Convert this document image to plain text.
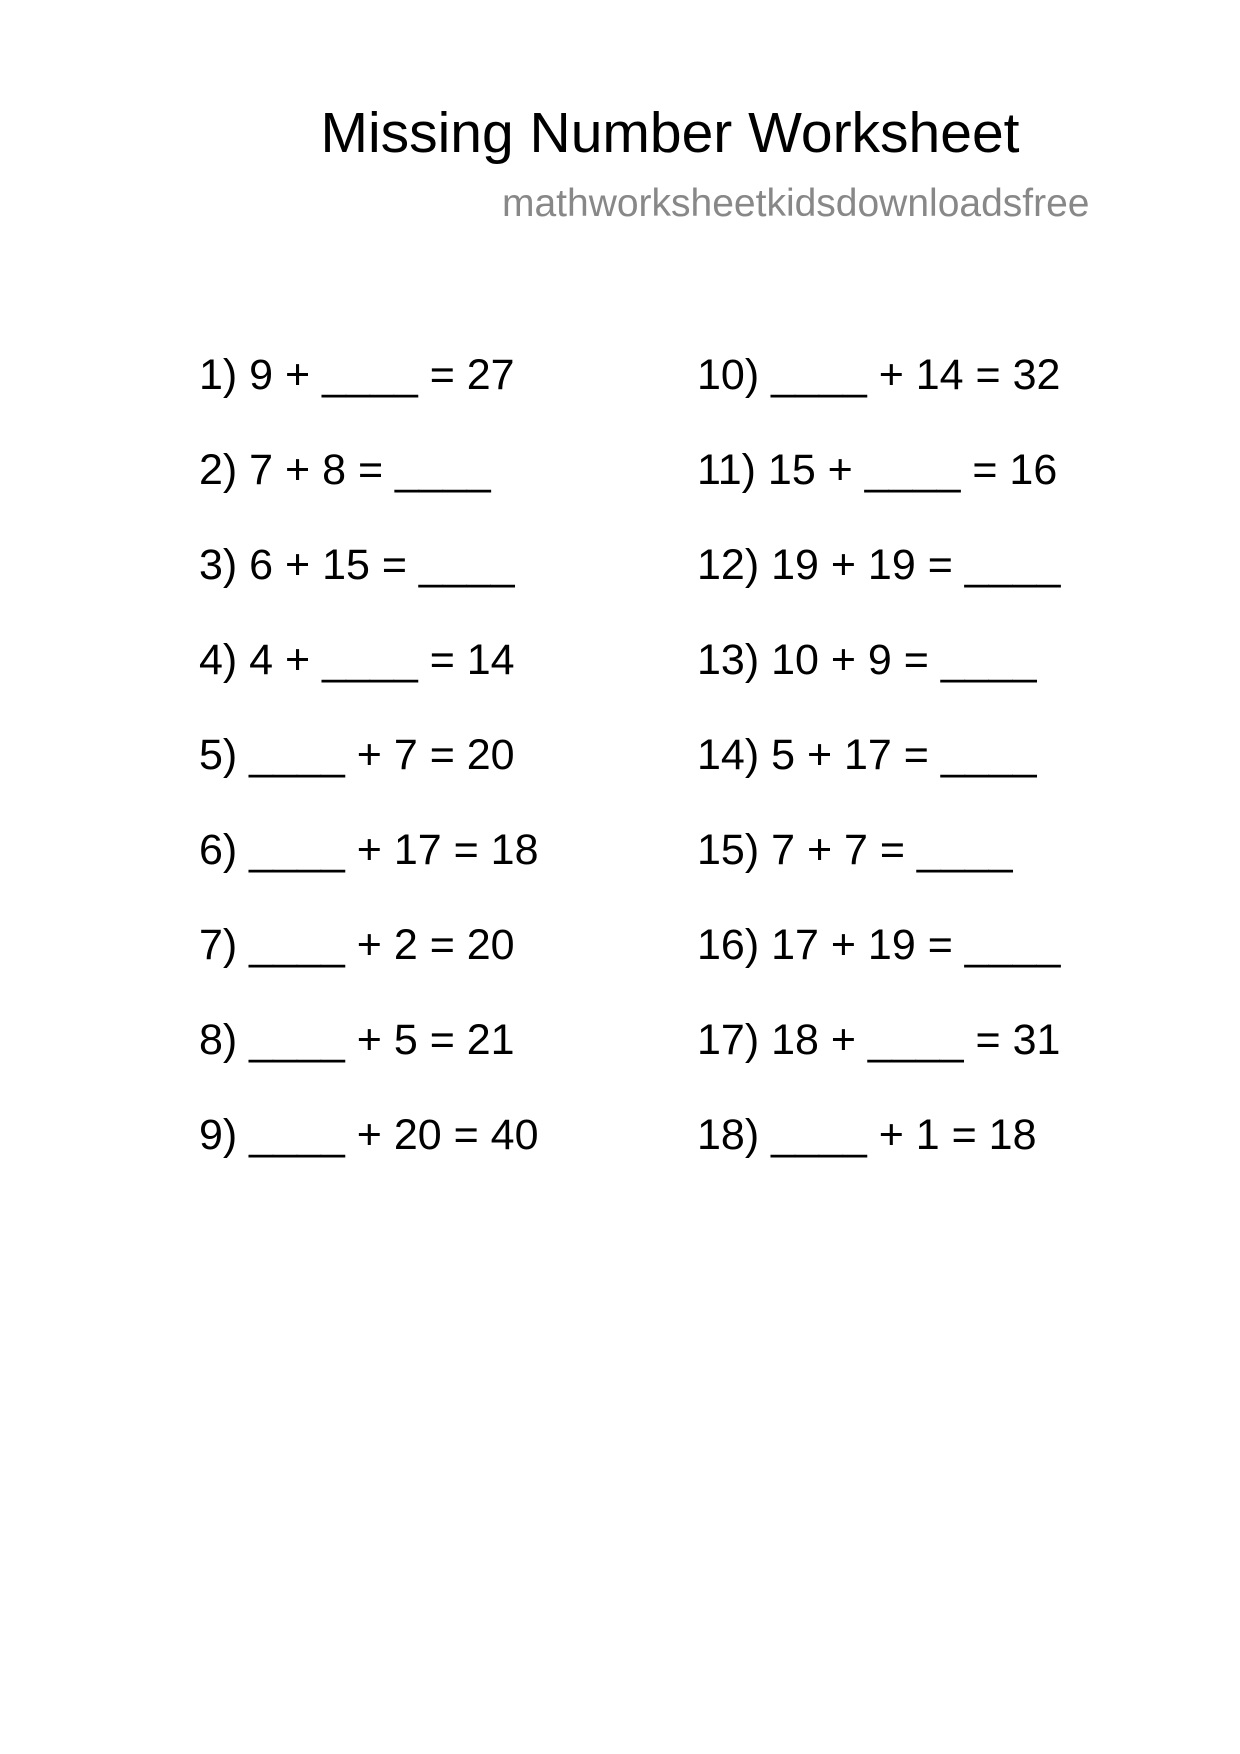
Missing Number Worksheet
mathworksheetkidsdownloadsfree
1) 9 + ____ = 27
2) 7 + 8 = ____
3) 6 + 15 = ____
4) 4 + ____ = 14
5) ____ + 7 = 20
6) ____ + 17 = 18
7) ____ + 2 = 20
8) ____ + 5 = 21
9) ____ + 20 = 40
10) ____ + 14 = 32
11) 15 + ____ = 16
12) 19 + 19 = ____
13) 10 + 9 = ____
14) 5 + 17 = ____
15) 7 + 7 = ____
16) 17 + 19 = ____
17) 18 + ____ = 31
18) ____ + 1 = 18
